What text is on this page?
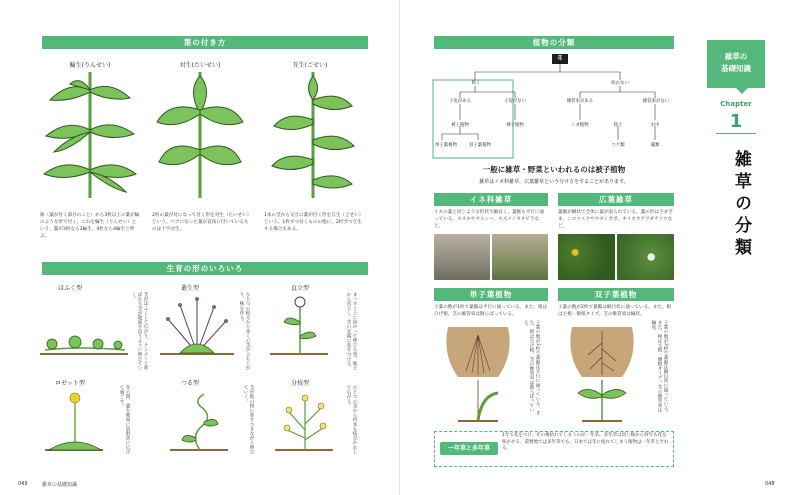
葉の付き方
輪生(りんせい)	対生(たいせい)	互生(ごせい)
節（葉が付く部分のこと）から3枚以上の葉が輪のような形で付く。これを輪生（りんせい）という。葉が3枚なら3輪生、4枚なら4輪生と呼ぶ。
2枚の葉が対になって付く形を対生（たいせい）という。ペアになった葉が直角に付いているものは十字対生。
1本の茎から交互に葉が付く形を互生（ごせい）という。1枚ずつ付くものの他に、2枚ずつ互生する場合もある。
生育の形のいろいろ
ほふく型	叢生型	直立型
茎がほふくして広がり、ランナーと呼ばれる茎が地面を這うように伸びていく。	ひとつの根元から多くの茎が立ち上がり、株を作る。	まっすぐ上に向かって伸びる型。地上から直立し、茎の先端に花をつける。
ロゼット型	つる型	分枝型
冬の間、葉を地面に放射状に広げて過ごす。	茎が他の物に巻きつきながら伸びていく。	ひとつの茎から何本も枝分かれして広がる。
049	雑草の基礎知識
植物の分類
花
咲く	咲かない
子房がある	子房がない	維管束がある	維管束がない
被子植物	裸子植物	シダ植物	陸上	水中
コケ類	藻類
単子葉植物	双子葉植物
一般に雑草・野菜といわれるのは被子植物
雑草はイネ科雑草、広葉雑草という分け方をすることがあります。
イネ科雑草	広葉雑草
イネの葉と同じような形状で細長く、葉脈も平行に通っている。ススキやオヒシバ、スズメノカタビラなど。
葉脈が網状で全体に葉が張られている。葉の形はさまざま。シロツメクサやタンポポ、オイタカアワダチソウなど。
単子葉植物	双子葉植物
子葉の数が1枚で葉脈は平行に通っている。また、根はひげ根。茎の維管束は散らばっている。
子葉の数が2枚で葉脈は網目状に通っている。また、根は主根・側根タイプ。茎の維管束は輪状。
子葉の数が1枚で葉脈は平行に通っている。また、根はひげ根。茎の維管束は散らばっている。	子葉の数が2枚で葉脈は網目状に通っている。また、根は主根・側根タイプ。茎の維管束は輪状。
一年草と多年草
1年で花をつけ、その後枯れてしまうのが一年草。多年草は同じ株から何年も花を咲かせる。還暦地では多年草でも、日本では冬に枯れてしまう植物は一年草とされる。
048
雑草の
基礎知識
Chapter
1
雑草の分類
